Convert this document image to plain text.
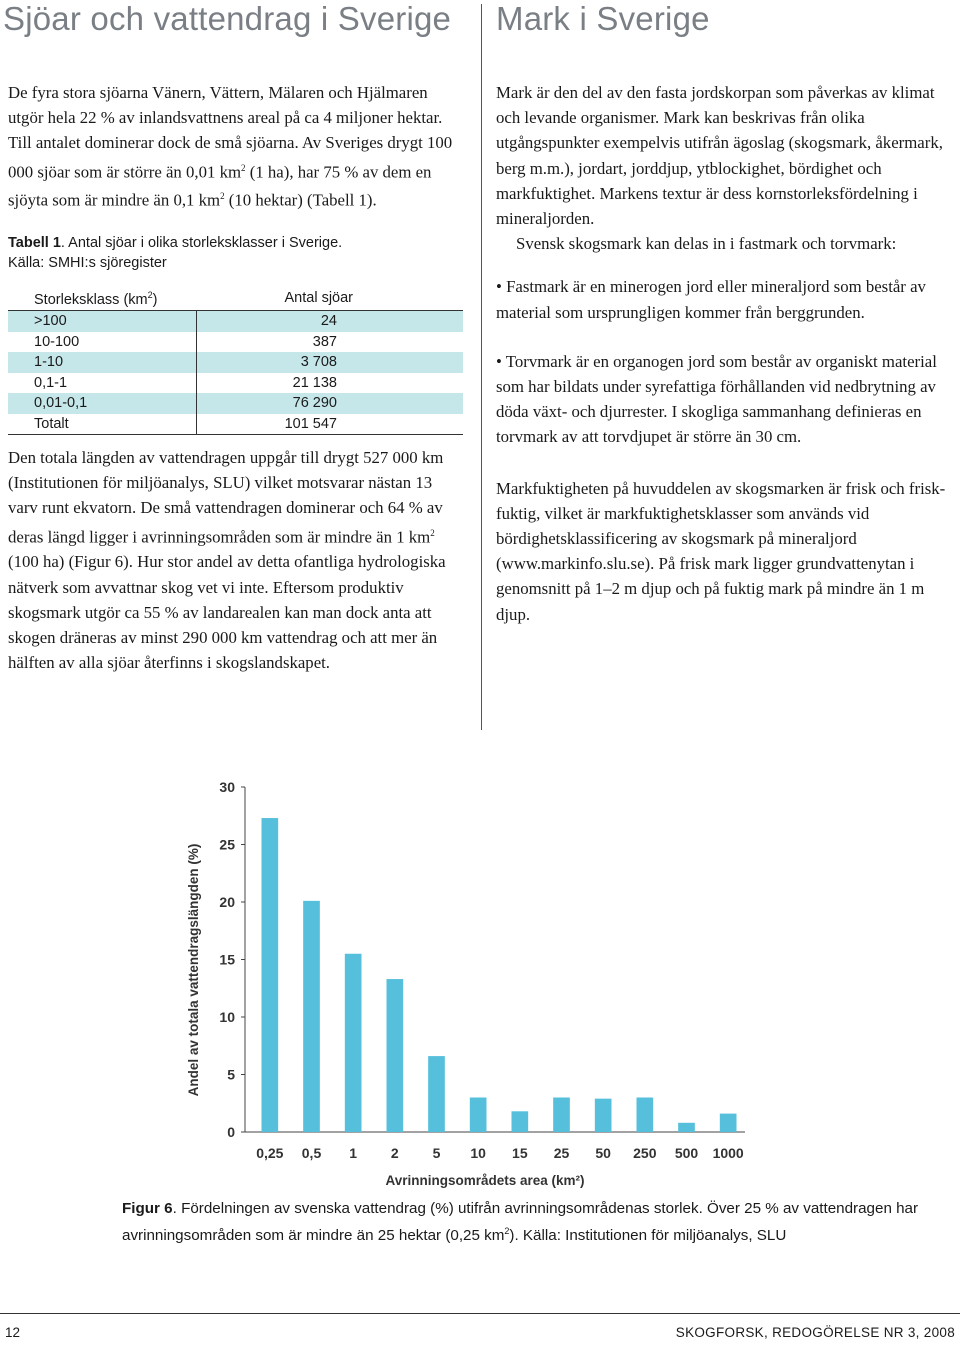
Sjöar och vattendrag i Sverige Mark i Sverige

De fyra stora sjöarna Vänern, Vättern, Mälaren och Hjälmaren utgör hela 22 % av inlandsvattnens areal på ca 4 miljoner hektar. Till antalet dominerar dock de små sjöarna. Av Sveriges drygt 100 000 sjöar som är större än 0,01 $km^2$ (1 ha), har 75 % av dem en sjöyta som är mindre än 0,1 $km^2$ (10 hektar) (Tabell 1).

Tabell 1. Antal sjöar i olika storleksklasser i Sverige.
Källa: SMHI:s sjöregister
Storleksklass $(km^2)$	Antal sjöar
>100	24
10-100	387
1-10	3 708
0,1-1	21 138
0,01-0,1	76 290
Totalt	101 547

Den totala längden av vattendragen uppgår till drygt 527 000 km (Institutionen för miljöanalys, SLU) vilket motsvarar nästan 13 varv runt ekvatorn. De små vattendragen dominerar och 64 % av deras längd ligger i avrinningsområden som är mindre än 1 $km^2$ (100 ha) (Figur 6). Hur stor andel av detta ofantliga hydrologiska nätverk som avvattnar skog vet vi inte. Eftersom produktiv skogsmark utgör ca 55 % av landarealen kan man dock anta att skogen dräneras av minst 290 000 km vattendrag och att mer än hälften av alla sjöar återfinns i skogslandskapet.

Mark är den del av den fasta jordskorpan som påverkas av klimat och levande organismer. Mark kan beskrivas från olika utgångspunkter exempelvis utifrån ägoslag (skogsmark, åkermark, berg m.m.), jordart, jorddjup, ytblockighet, bördighet och markfuktighet. Markens textur är dess kornstorleksfördelning i mineraljorden.

Svensk skogsmark kan delas in i fastmark och torvmark:

• Fastmark är en minerogen jord eller mineraljord som består av material som ursprungligen kommer från berggrunden.

• Torvmark är en organogen jord som består av organiskt material som har bildats under syrefattiga förhållanden vid nedbrytning av döda växt- och djurrester. I skogliga sammanhang definieras en torvmark av att torvdjupet är större än 30 cm.

Markfuktigheten på huvuddelen av skogsmarken är frisk och frisk-fuktig, vilket är markfuktighetsklasser som används vid bördighetsklassificering av skogsmark på mineraljord (www.markinfo.slu.se). På frisk mark ligger grundvattenytan i genomsnitt på 1–2 m djup och på fuktig mark på mindre än 1 m djup.

Andel av totala vattendragslängden (%)
Avrinningsområdets area (km²)
0
5
10
15
20
25
30
0,25 0,5 1 2 5 10 15 25 50 250 500 1000
Figur 6. Fördelningen av svenska vattendrag (%) utifrån avrinningsområdenas storlek. Över 25 % av vattendragen har avrinningsområden som är mindre än 25 hektar (0,25 $km^2$). Källa: Institutionen för miljöanalys, SLU
12	SKOGFORSK, REDOGÖRELSE NR 3, 2008
